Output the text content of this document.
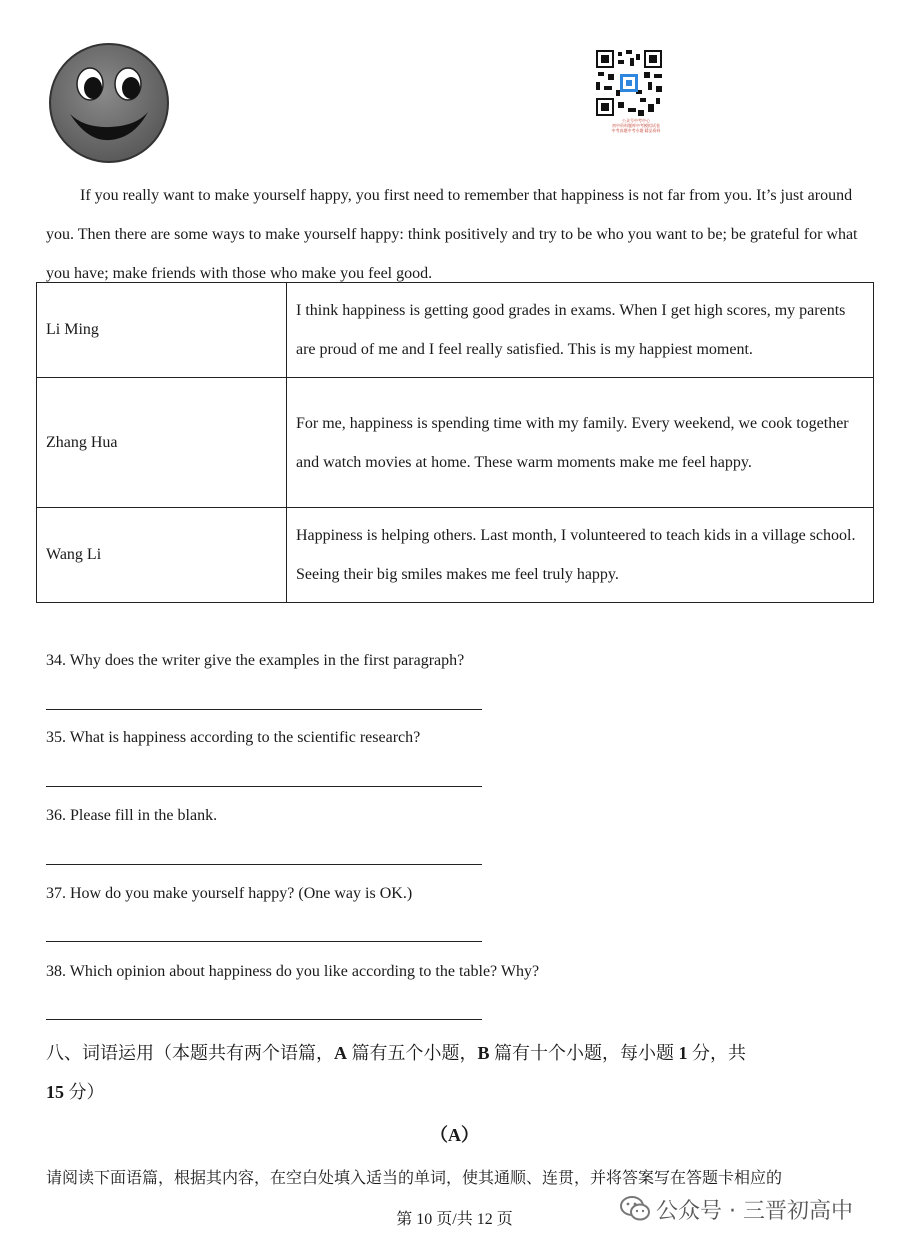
公众号中考中心
初中资料题库中考模拟试卷
中考真题中考专题 精品资料
If you really want to make yourself happy, you first need to remember that happiness is not far from you. It’s just around you. Then there are some ways to make yourself happy: think positively and try to be who you want to be; be grateful for what you have; make friends with those who make you feel good.
Li Ming	I think happiness is getting good grades in exams. When I get high scores, my parents are proud of me and I feel really satisfied. This is my happiest moment.
Zhang Hua	For me, happiness is spending time with my family. Every weekend, we cook together and watch movies at home. These warm moments make me feel happy.
Wang Li	Happiness is helping others. Last month, I volunteered to teach kids in a village school. Seeing their big smiles makes me feel truly happy.
34. Why does the writer give the examples in the first paragraph?
35. What is happiness according to the scientific research?
36. Please fill in the blank.
37. How do you make yourself happy? (One way is OK.)
38. Which opinion about happiness do you like according to the table? Why?
八、词语运用（本题共有两个语篇，A 篇有五个小题，B 篇有十个小题，每小题 1 分，共
15 分）
（A）
请阅读下面语篇，根据其内容，在空白处填入适当的单词，使其通顺、连贯，并将答案写在答题卡相应的
第 10 页/共 12 页	公众号 · 三晋初高中
